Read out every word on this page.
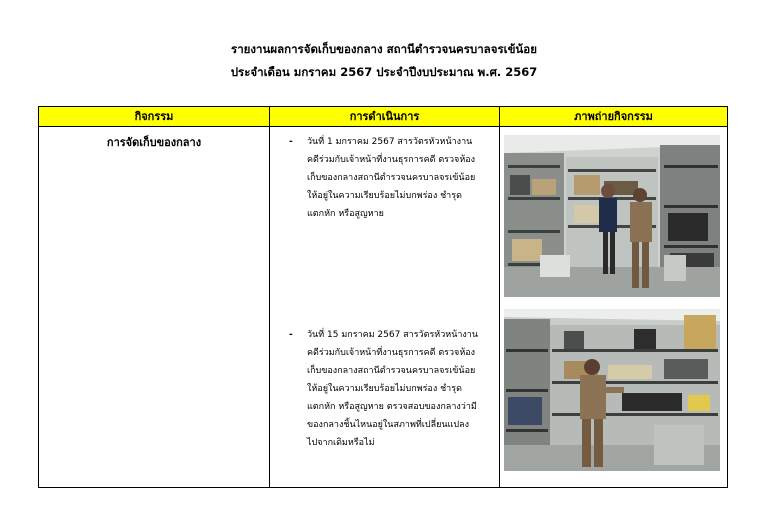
รายงานผลการจัดเก็บของกลาง สถานีตำรวจนครบาลจรเข้น้อย
ประจำเดือน มกราคม 2567 ประจำปีงบประมาณ พ.ศ. 2567
กิจกรรม	การดำเนินการ	ภาพถ่ายกิจกรรม
การจัดเก็บของกลาง	- วันที่ 1 มกราคม 2567 สารวัตรหัวหน้างาน
คดีร่วมกับเจ้าหน้าที่งานธุรการคดี ตรวจห้อง
เก็บของกลางสถานีตำรวจนครบาลจรเข้น้อย
ให้อยู่ในความเรียบร้อยไม่บกพร่อง ชำรุด
แตกหัก หรือสูญหาย
- วันที่ 15 มกราคม 2567 สารวัตรหัวหน้างาน
คดีร่วมกับเจ้าหน้าที่งานธุรการคดี ตรวจห้อง
เก็บของกลางสถานีตำรวจนครบาลจรเข้น้อย
ให้อยู่ในความเรียบร้อยไม่บกพร่อง ชำรุด
แตกหัก หรือสูญหาย ตรวจสอบของกลางว่ามี
ของกลางชิ้นไหนอยู่ในสภาพที่เปลี่ยนแปลง
ไปจากเดิมหรือไม่
